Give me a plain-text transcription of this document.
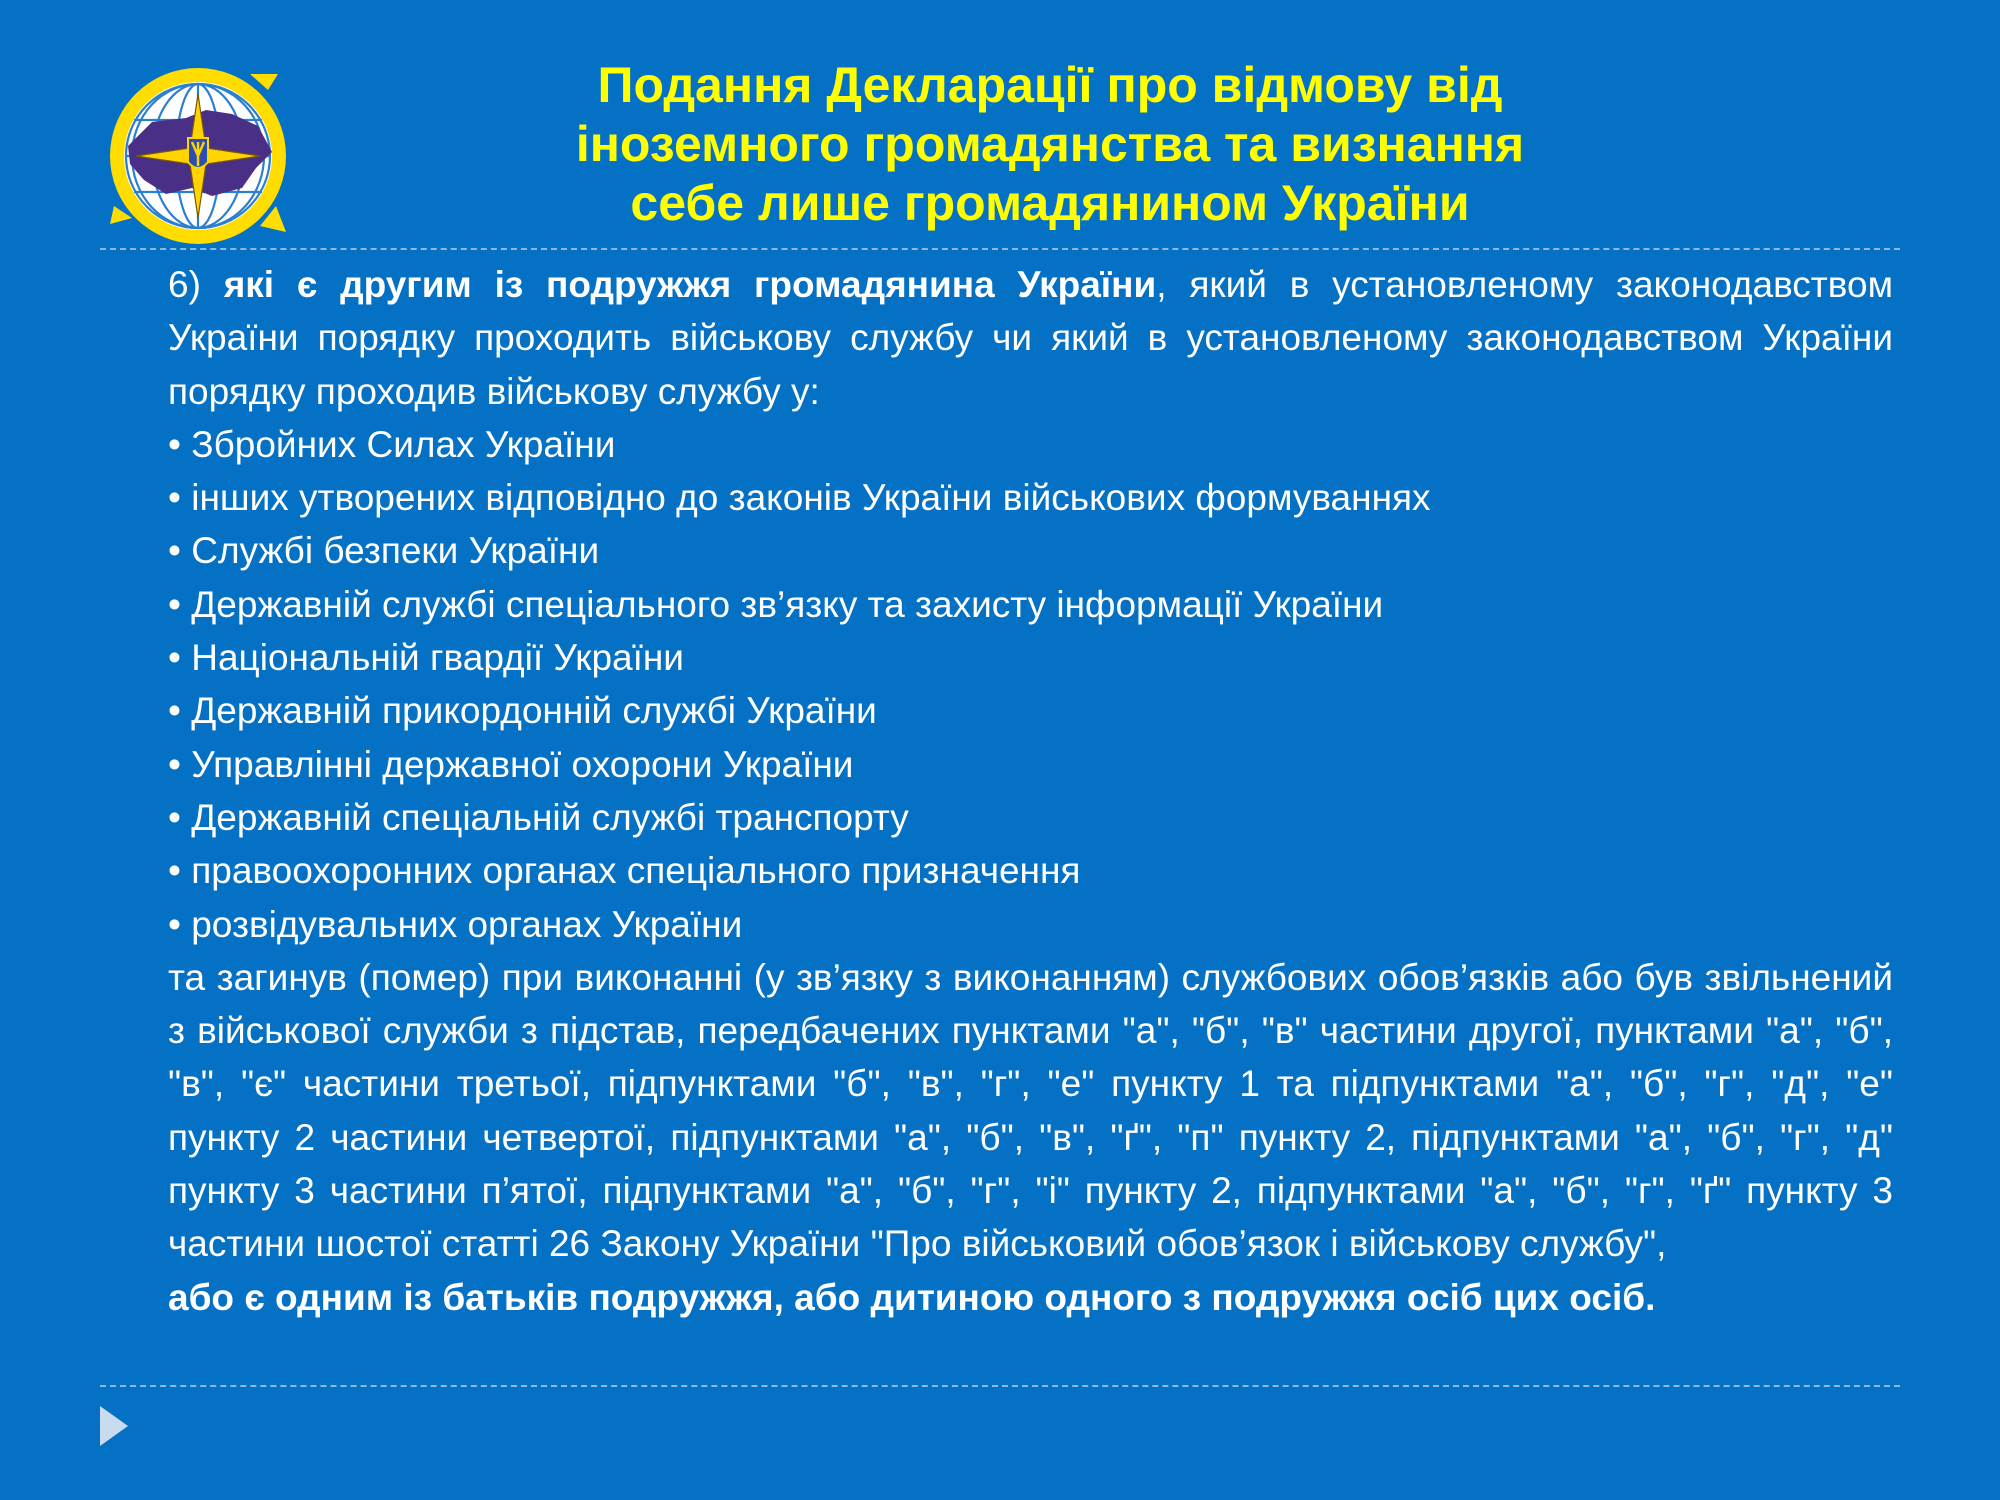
Подання Декларації про відмову від
іноземного громадянства та визнання
себе лише громадянином України

6) які є другим із подружжя громадянина України, який в установленому законодавством України порядку проходить військову службу чи який в установленому законодавством України порядку проходив військову службу у:

• Збройних Силах України
• інших утворених відповідно до законів України військових формуваннях
• Службі безпеки України
• Державній службі спеціального зв’язку та захисту інформації України
• Національній гвардії України
• Державній прикордонній службі України
• Управлінні державної охорони України
• Державній спеціальній службі транспорту
• правоохоронних органах спеціального призначення
• розвідувальних органах України

та загинув (помер) при виконанні (у зв’язку з виконанням) службових обов’язків або був звільнений з військової служби з підстав, передбачених пунктами "а", "б", "в" частини другої, пунктами "а", "б", "в", "є" частини третьої, підпунктами "б", "в", "г", "е" пункту 1 та підпунктами "а", "б", "г", "д", "е" пункту 2 частини четвертої, підпунктами "а", "б", "в", "ґ", "п" пункту 2, підпунктами "а", "б", "г", "д" пункту 3 частини п’ятої, підпунктами "а", "б", "г", "і" пункту 2, підпунктами "а", "б", "г", "ґ" пункту 3 частини шостої статті 26 Закону України "Про військовий обов’язок і військову службу",

або є одним із батьків подружжя, або дитиною одного з подружжя осіб цих осіб.
